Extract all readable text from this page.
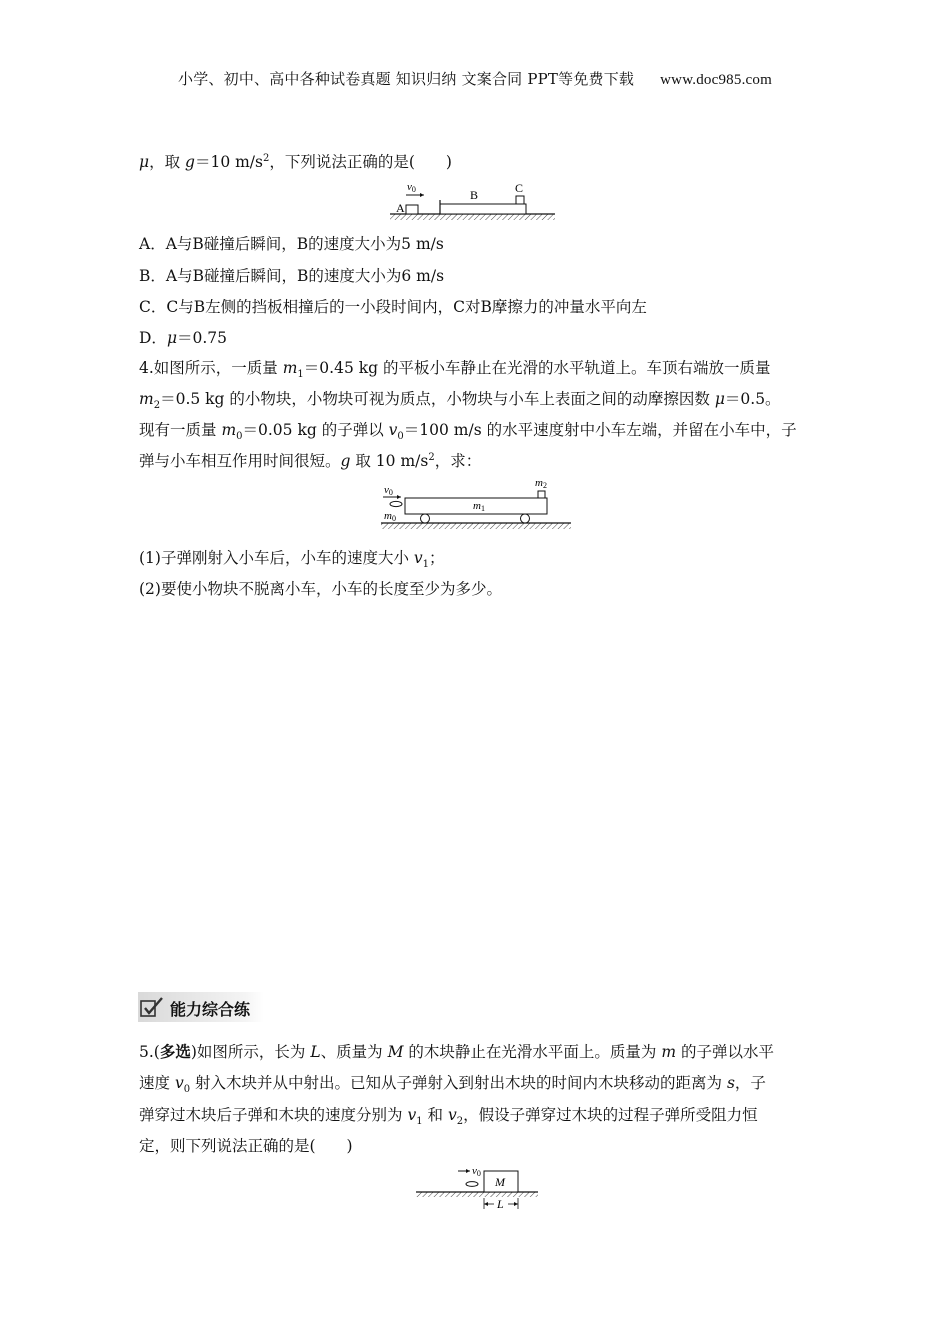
小学、初中、高中各种试卷真题 知识归纳 文案合同 PPT等免费下载 www.doc985.com
μ，取 g＝10 $m/s^2$，下列说法正确的是(　　)
A
v0	B	C
A．A与B碰撞后瞬间，B的速度大小为5 m/s
B．A与B碰撞后瞬间，B的速度大小为6 m/s
C．C与B左侧的挡板相撞后的一小段时间内，C对B摩擦力的冲量水平向左
D．μ＝0.75
4.如图所示，一质量 $m_1=0.45$ kg 的平板小车静止在光滑的水平轨道上。车顶右端放一质量
$m_2=0.5$ kg 的小物块，小物块可视为质点，小物块与小车上表面之间的动摩擦因数 μ＝0.5。
现有一质量 $m_0=0.05$ kg 的子弹以 $v_0=100$ m/s 的水平速度射中小车左端，并留在小车中，子
弹与小车相互作用时间很短。g 取 10 $m/s^2$，求：
m2
m1
v0
m0
(1)子弹刚射入小车后，小车的速度大小 $v_1$；
(2)要使小物块不脱离小车，小车的长度至少为多少。
能力综合练
5.(多选)如图所示，长为 L、质量为 M 的木块静止在光滑水平面上。质量为 m 的子弹以水平
速度 $v_0$ 射入木块并从中射出。已知从子弹射入到射出木块的时间内木块移动的距离为 s，子
弹穿过木块后子弹和木块的速度分别为 $v_1$ 和 $v_2$，假设子弹穿过木块的过程子弹所受阻力恒
定，则下列说法正确的是(　　)
M
v0
L
